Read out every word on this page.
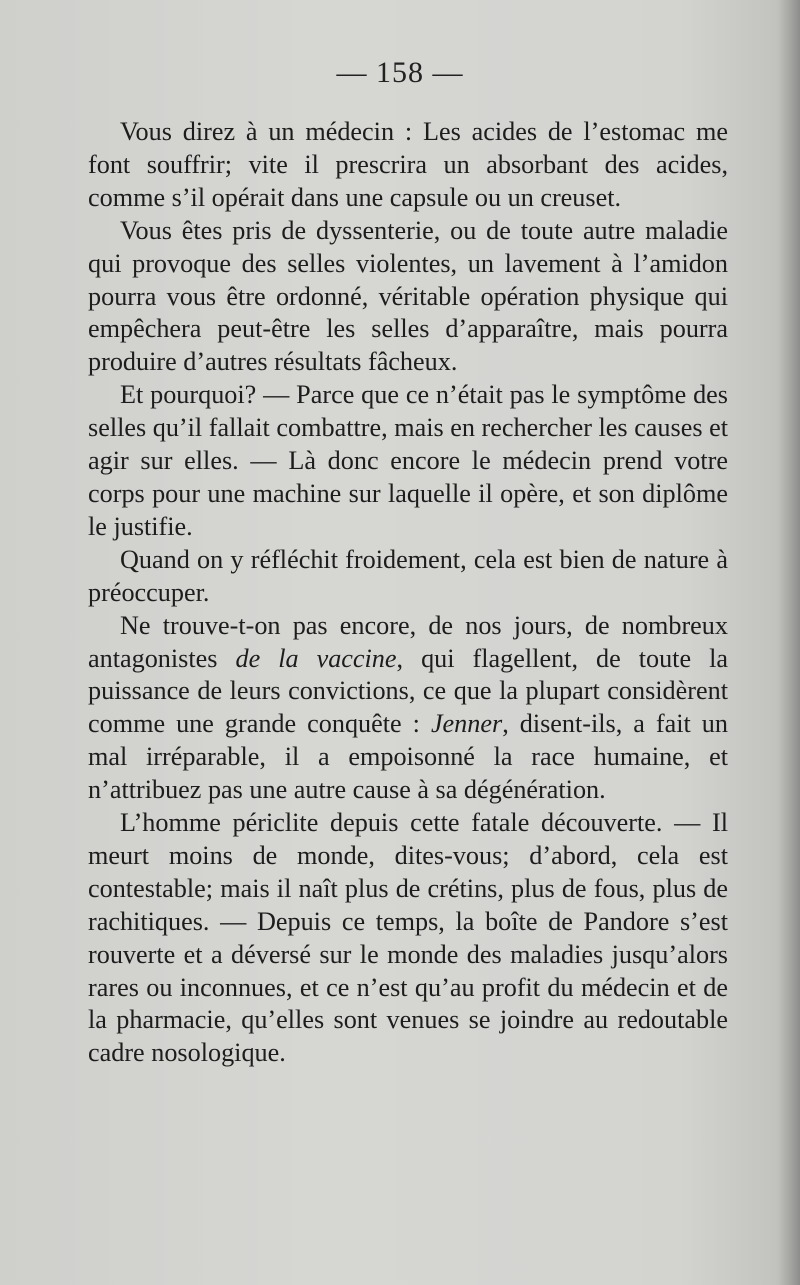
— 158 —

Vous direz à un médecin : Les acides de l’estomac me font souffrir; vite il prescrira un absorbant des acides, comme s’il opérait dans une capsule ou un creuset.

Vous êtes pris de dyssenterie, ou de toute autre maladie qui provoque des selles violentes, un lavement à l’amidon pourra vous être ordonné, véritable opération physique qui empêchera peut-être les selles d’apparaître, mais pourra produire d’autres résultats fâcheux.

Et pourquoi? — Parce que ce n’était pas le symptôme des selles qu’il fallait combattre, mais en rechercher les causes et agir sur elles. — Là donc encore le médecin prend votre corps pour une machine sur laquelle il opère, et son diplôme le justifie.

Quand on y réfléchit froidement, cela est bien de nature à préoccuper.

Ne trouve-t-on pas encore, de nos jours, de nombreux antagonistes de la vaccine, qui flagellent, de toute la puissance de leurs convictions, ce que la plupart considèrent comme une grande conquête : Jenner, disent-ils, a fait un mal irréparable, il a empoisonné la race humaine, et n’attribuez pas une autre cause à sa dégénération.

L’homme périclite depuis cette fatale découverte. — Il meurt moins de monde, dites-vous; d’abord, cela est contestable; mais il naît plus de crétins, plus de fous, plus de rachitiques. — Depuis ce temps, la boîte de Pandore s’est rouverte et a déversé sur le monde des maladies jusqu’alors rares ou inconnues, et ce n’est qu’au profit du médecin et de la pharmacie, qu’elles sont venues se joindre au redoutable cadre nosologique.
